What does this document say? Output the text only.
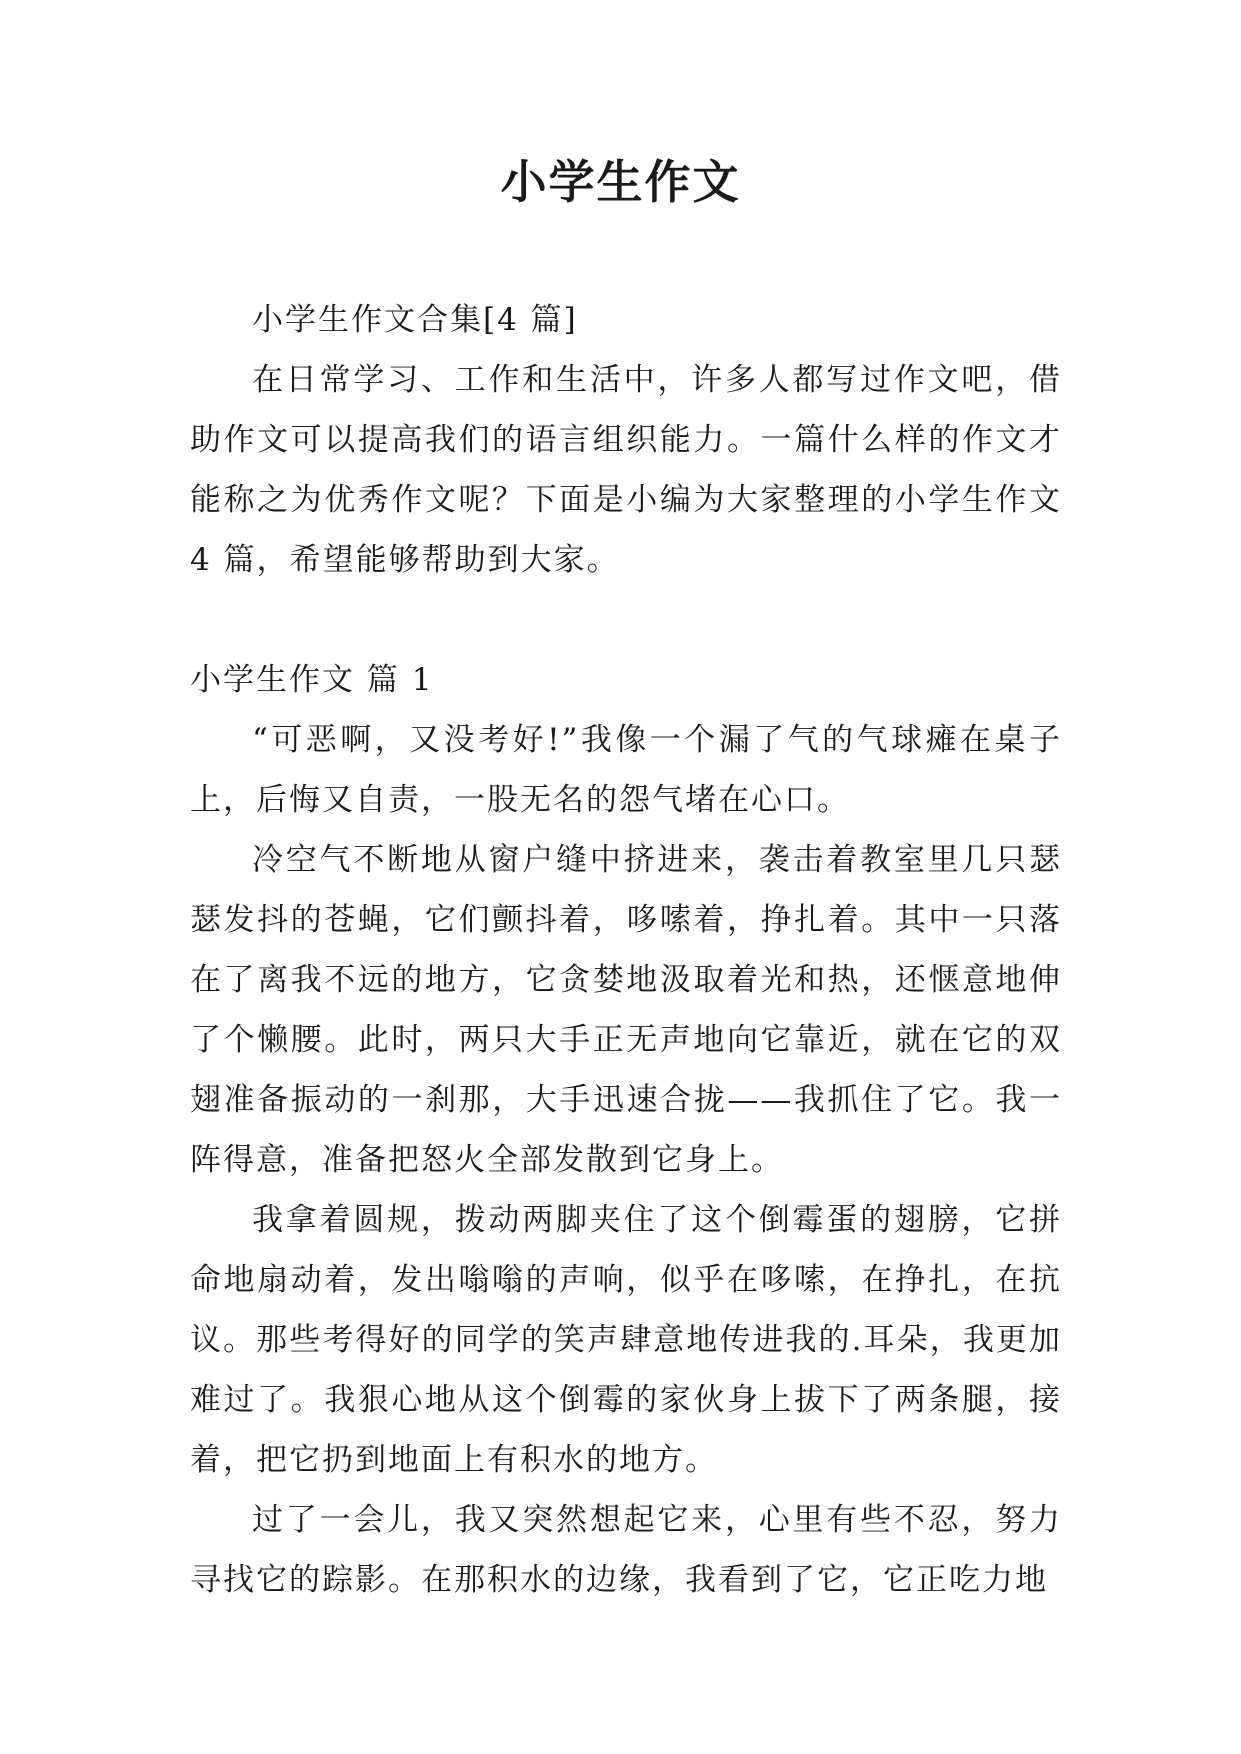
小学生作文

小学生作文合集[4 篇]

在日常学习、工作和生活中，许多人都写过作文吧，借助作文可以提高我们的语言组织能力。一篇什么样的作文才能称之为优秀作文呢？下面是小编为大家整理的小学生作文 4 篇，希望能够帮助到大家。

小学生作文 篇 1

“可恶啊，又没考好!”我像一个漏了气的气球瘫在桌子上，后悔又自责，一股无名的怨气堵在心口。

冷空气不断地从窗户缝中挤进来，袭击着教室里几只瑟瑟发抖的苍蝇，它们颤抖着，哆嗦着，挣扎着。其中一只落在了离我不远的地方，它贪婪地汲取着光和热，还惬意地伸了个懒腰。此时，两只大手正无声地向它靠近，就在它的双翅准备振动的一刹那，大手迅速合拢——我抓住了它。我一阵得意，准备把怒火全部发散到它身上。

我拿着圆规，拨动两脚夹住了这个倒霉蛋的翅膀，它拼命地扇动着，发出嗡嗡的声响，似乎在哆嗦，在挣扎，在抗议。那些考得好的同学的笑声肆意地传进我的.耳朵，我更加难过了。我狠心地从这个倒霉的家伙身上拔下了两条腿，接着，把它扔到地面上有积水的地方。

过了一会儿，我又突然想起它来，心里有些不忍，努力寻找它的踪影。在那积水的边缘，我看到了它，它正吃力地
